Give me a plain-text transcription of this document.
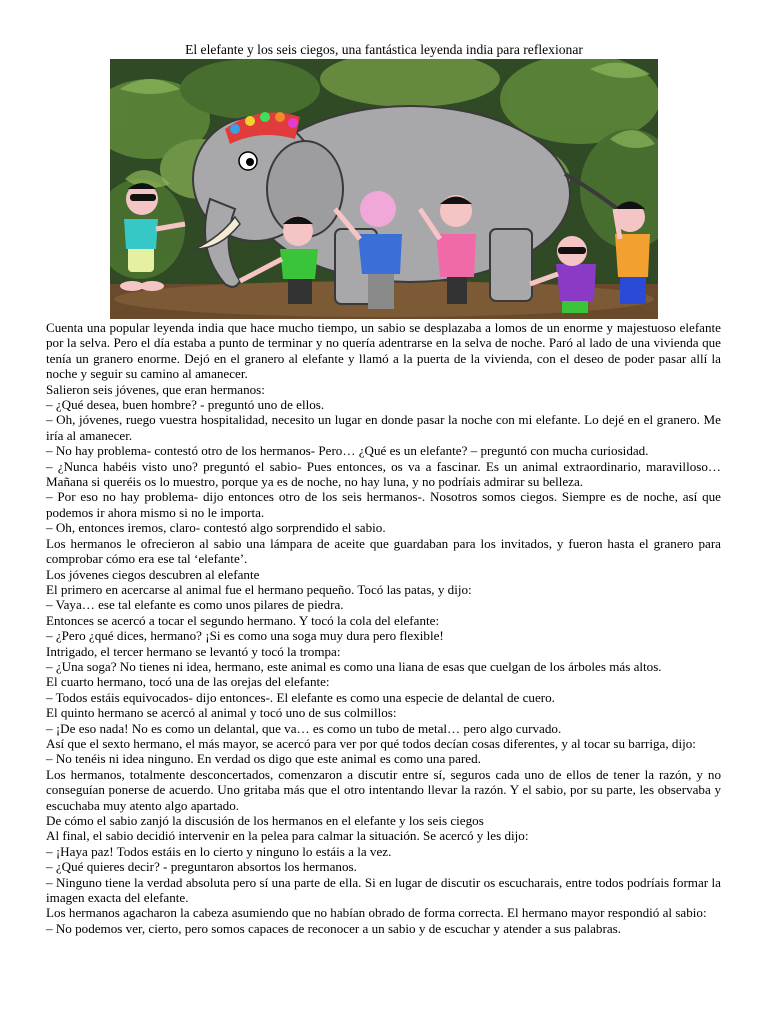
El elefante y los seis ciegos, una fantástica leyenda india para reflexionar

Cuenta una popular leyenda india que hace mucho tiempo, un sabio se desplazaba a lomos de un enorme y majestuoso elefante por la selva. Pero el día estaba a punto de terminar y no quería adentrarse en la selva de noche. Paró al lado de una vivienda que tenía un granero enorme. Dejó en el granero al elefante y llamó a la puerta de la vivienda, con el deseo de poder pasar allí la noche y seguir su camino al amanecer.

Salieron seis jóvenes, que eran hermanos:

– ¿Qué desea, buen hombre? - preguntó uno de ellos.

– Oh, jóvenes, ruego vuestra hospitalidad, necesito un lugar en donde pasar la noche con mi elefante. Lo dejé en el granero. Me iría al amanecer.

– No hay problema- contestó otro de los hermanos- Pero… ¿Qué es un elefante? – preguntó con mucha curiosidad.

– ¿Nunca habéis visto uno? preguntó el sabio- Pues entonces, os va a fascinar. Es un animal extraordinario, maravilloso… Mañana si queréis os lo muestro, porque ya es de noche, no hay luna, y no podríais admirar su belleza.

– Por eso no hay problema- dijo entonces otro de los seis hermanos-. Nosotros somos ciegos. Siempre es de noche, así que podemos ir ahora mismo si no le importa.

– Oh, entonces iremos, claro- contestó algo sorprendido el sabio.

Los hermanos le ofrecieron al sabio una lámpara de aceite que guardaban para los invitados, y fueron hasta el granero para comprobar cómo era ese tal ‘elefante’.

Los jóvenes ciegos descubren al elefante

El primero en acercarse al animal fue el hermano pequeño. Tocó las patas, y dijo:

– Vaya… ese tal elefante es como unos pilares de piedra.

Entonces se acercó a tocar el segundo hermano. Y tocó la cola del elefante:

– ¿Pero ¿qué dices, hermano? ¡Si es como una soga muy dura pero flexible!

Intrigado, el tercer hermano se levantó y tocó la trompa:

– ¿Una soga? No tienes ni idea, hermano, este animal es como una liana de esas que cuelgan de los árboles más altos.

El cuarto hermano, tocó una de las orejas del elefante:

– Todos estáis equivocados- dijo entonces-. El elefante es como una especie de delantal de cuero.

El quinto hermano se acercó al animal y tocó uno de sus colmillos:

– ¡De eso nada! No es como un delantal, que va… es como un tubo de metal… pero algo curvado.

Así que el sexto hermano, el más mayor, se acercó para ver por qué todos decían cosas diferentes, y al tocar su barriga, dijo:

– No tenéis ni idea ninguno. En verdad os digo que este animal es como una pared.

Los hermanos, totalmente desconcertados, comenzaron a discutir entre sí, seguros cada uno de ellos de tener la razón, y no conseguían ponerse de acuerdo. Uno gritaba más que el otro intentando llevar la razón. Y el sabio, por su parte, les observaba y escuchaba muy atento algo apartado.

De cómo el sabio zanjó la discusión de los hermanos en el elefante y los seis ciegos

Al final, el sabio decidió intervenir en la pelea para calmar la situación. Se acercó y les dijo:

– ¡Haya paz! Todos estáis en lo cierto y ninguno lo estáis a la vez.

– ¿Qué quieres decir? - preguntaron absortos los hermanos.

– Ninguno tiene la verdad absoluta pero sí una parte de ella. Si en lugar de discutir os escucharais, entre todos podríais formar la imagen exacta del elefante.

Los hermanos agacharon la cabeza asumiendo que no habían obrado de forma correcta. El hermano mayor respondió al sabio:

– No podemos ver, cierto, pero somos capaces de reconocer a un sabio y de escuchar y atender a sus palabras.
